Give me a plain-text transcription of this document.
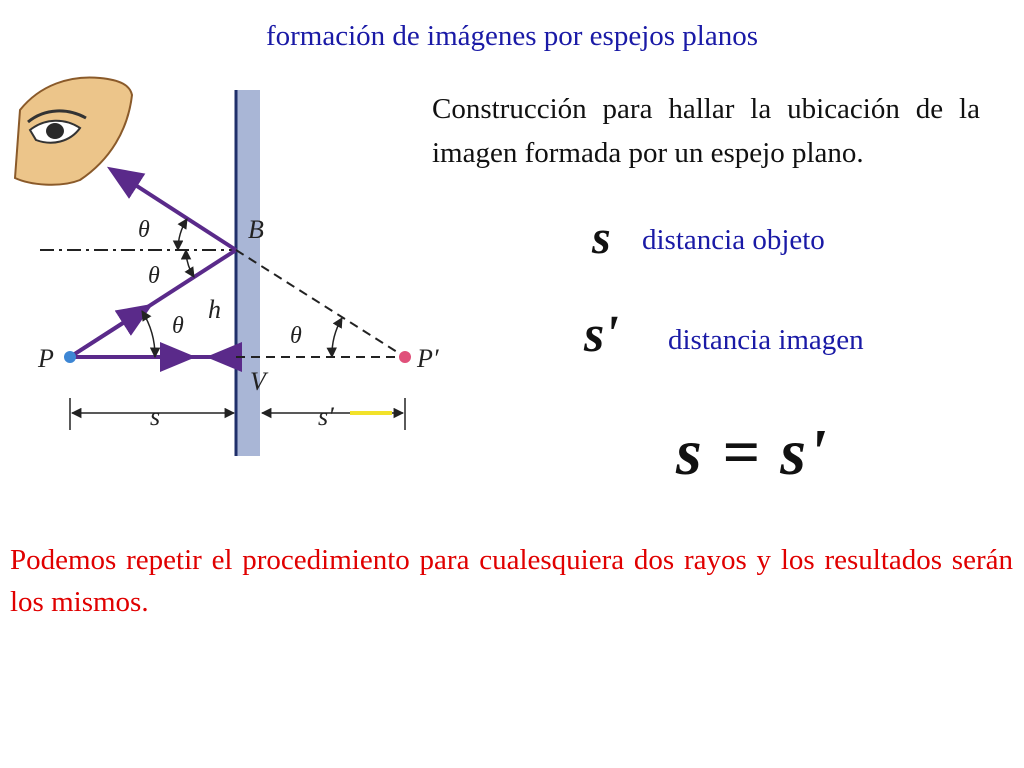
formación de imágenes por espejos planos
P	P′
B
V
h
θ
θ
θ	θ
s	s′
Construcción para hallar la ubicación de la imagen formada por un espejo plano.
s distancia objeto
s' distancia imagen
s = s'
Podemos repetir el procedimiento para cualesquiera dos rayos y los resultados serán los mismos.
